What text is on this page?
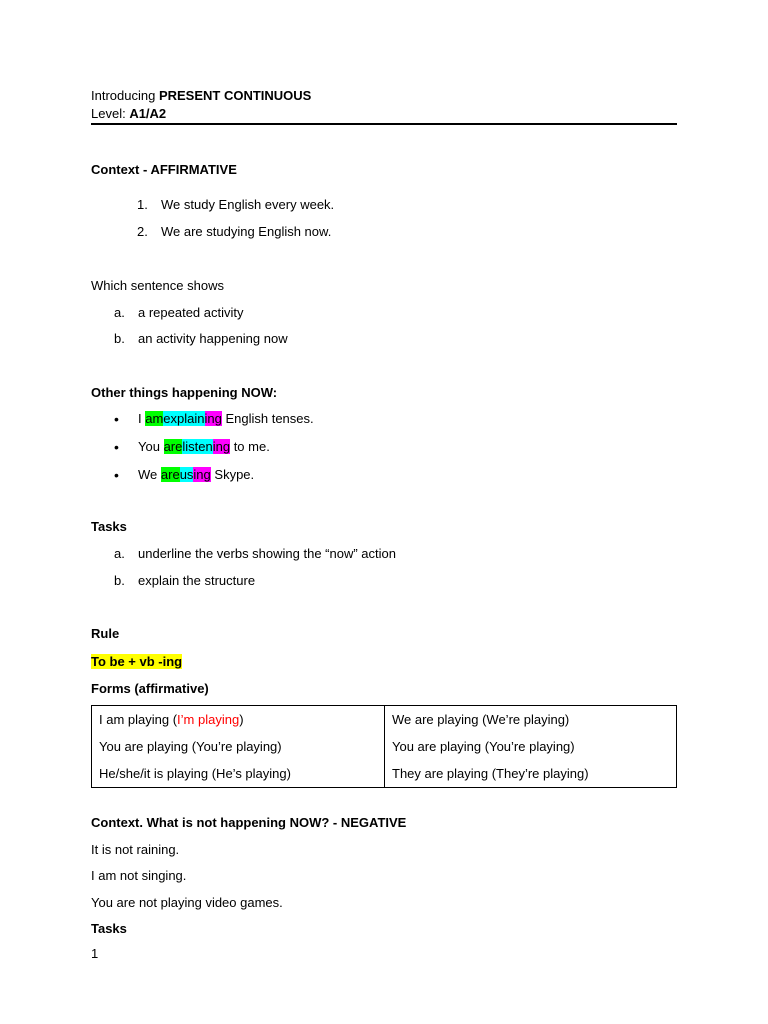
Introducing PRESENT CONTINUOUS
Level: A1/A2
Context - AFFIRMATIVE
1. We study English every week.
2. We are studying English now.
Which sentence shows
a. a repeated activity
b. an activity happening now
Other things happening NOW:
• I amexplaining English tenses.
• You arelistening to me.
• We areusing Skype.
Tasks
a. underline the verbs showing the “now” action
b. explain the structure
Rule
To be + vb -ing
Forms (affirmative)
I am playing (I’m playing)	We are playing (We’re playing)
You are playing (You’re playing)	You are playing (You’re playing)
He/she/it is playing (He’s playing)	They are playing (They’re playing)
Context. What is not happening NOW? - NEGATIVE
It is not raining.
I am not singing.
You are not playing video games.
Tasks
1
